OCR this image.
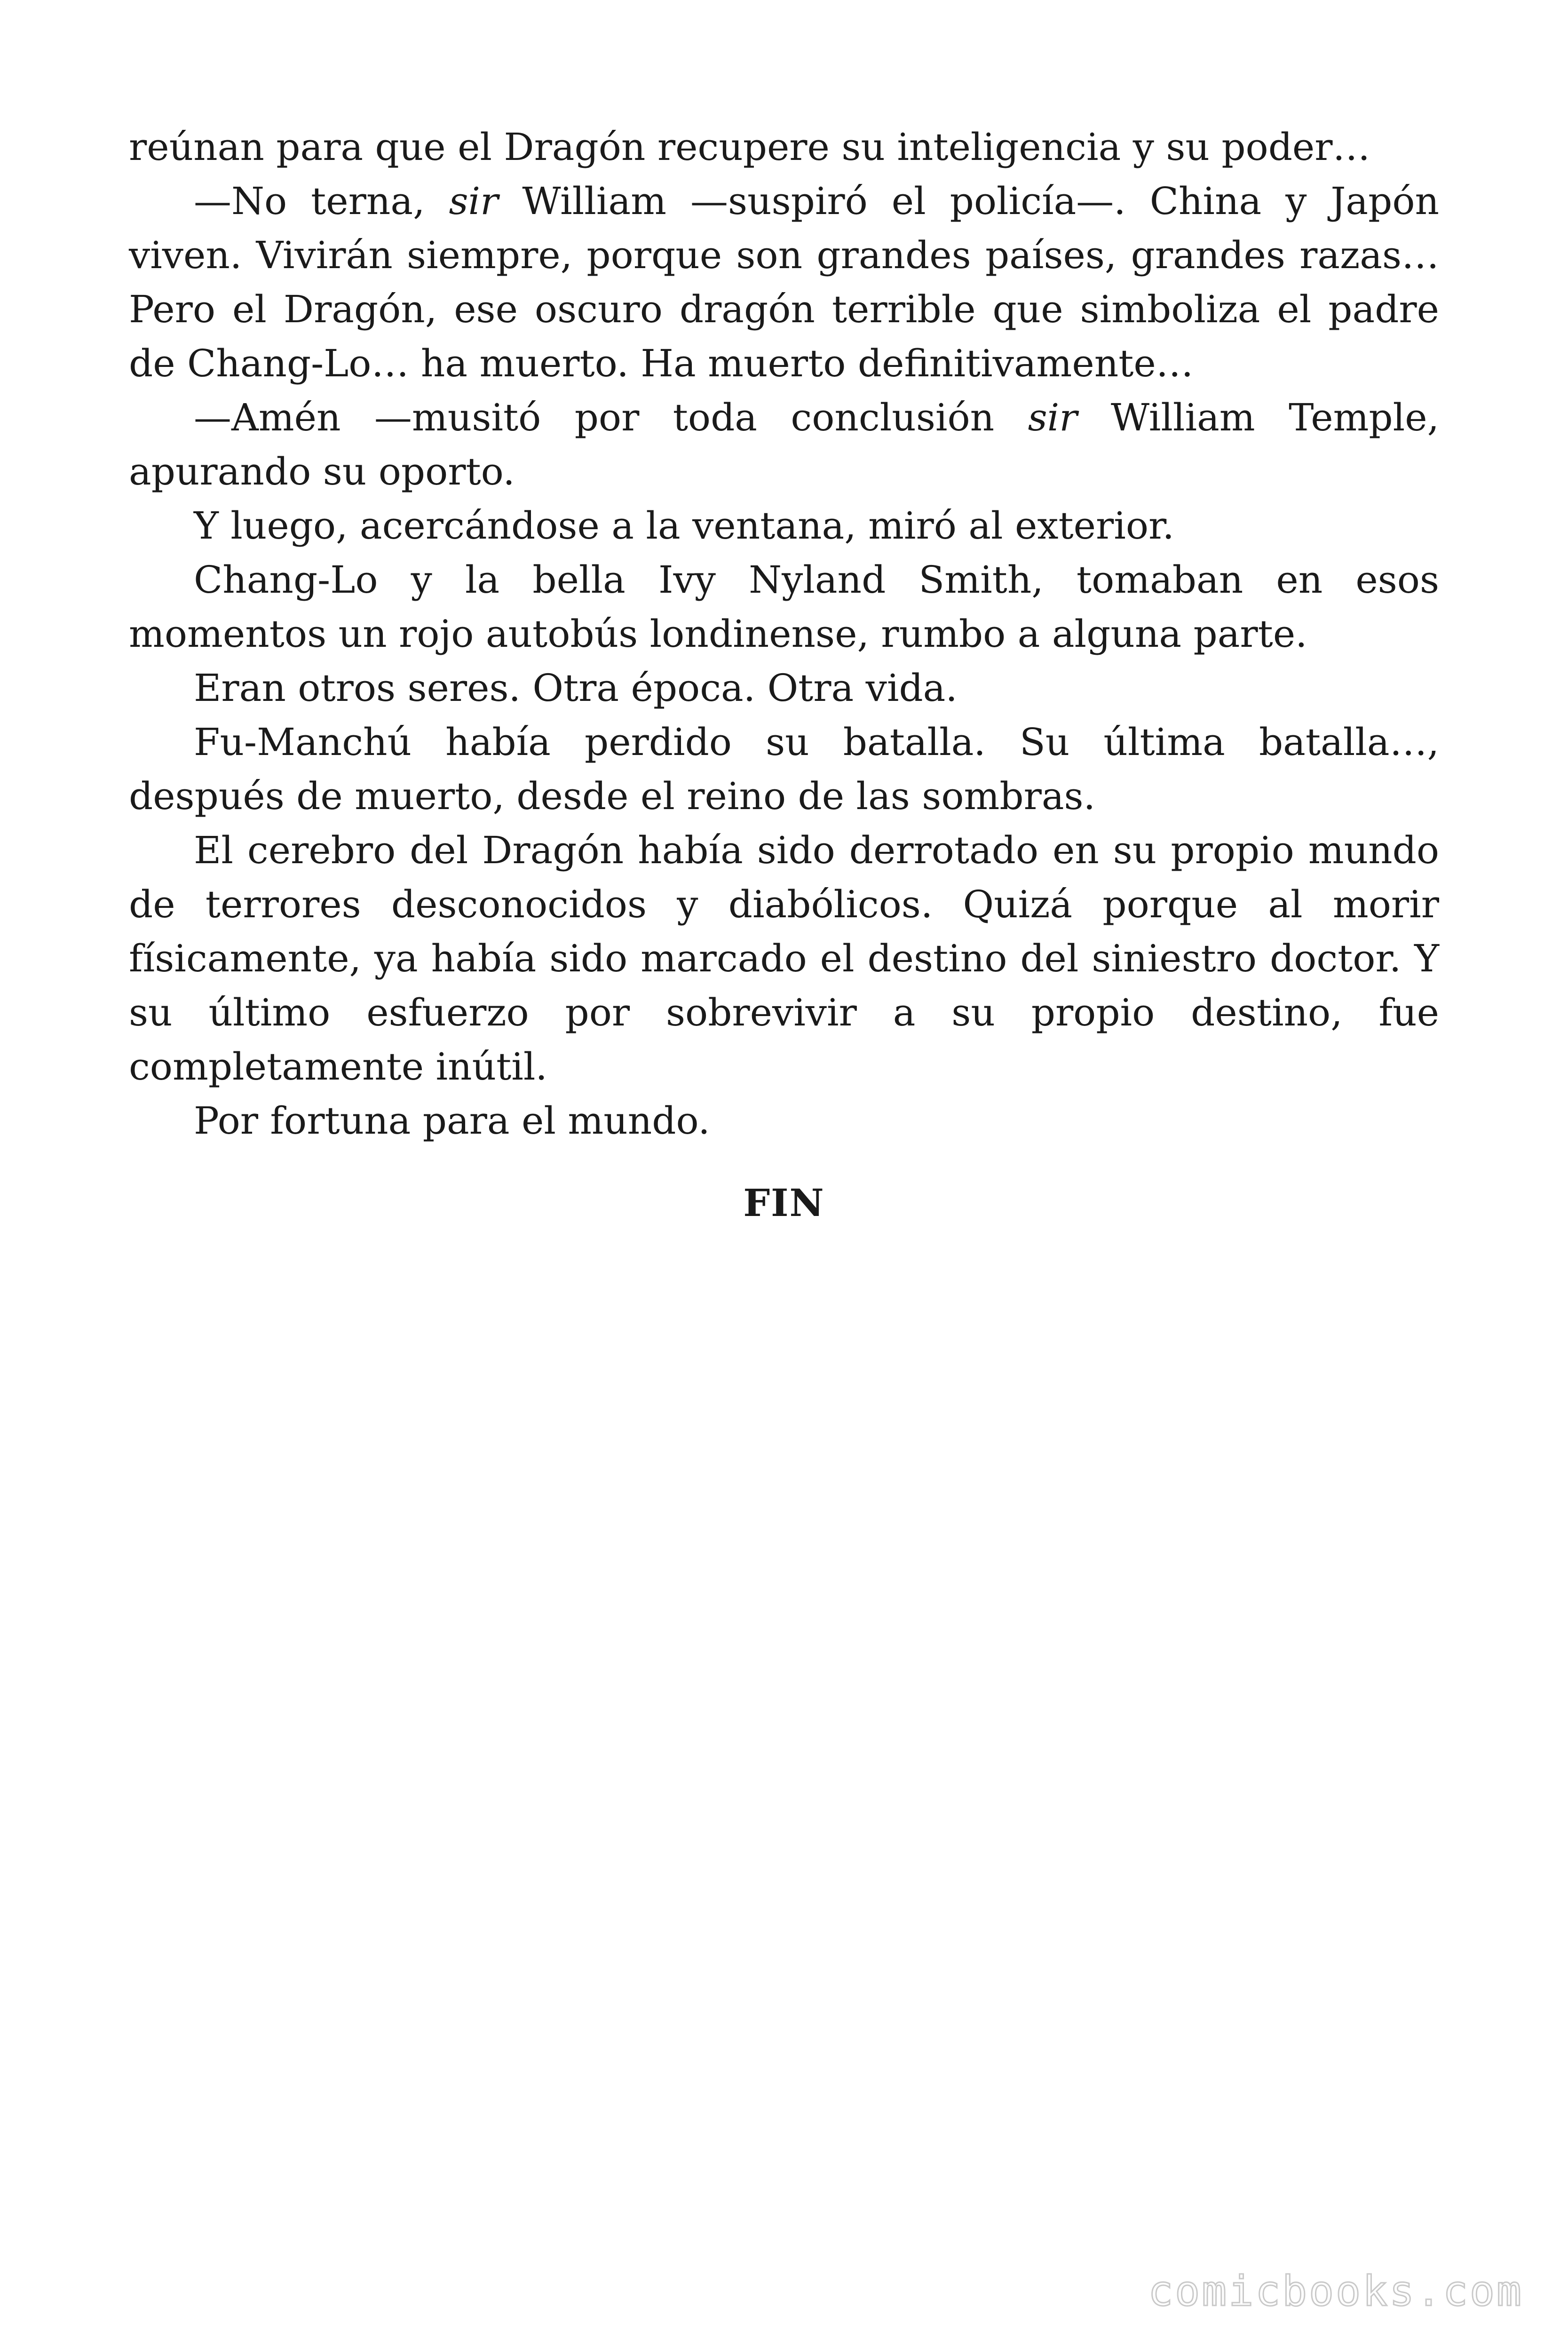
reúnan para que el Dragón recupere su inteligencia y su poder…

—No terna, sir William —suspiró el policía—. China y Japón viven. Vivirán siempre, porque son grandes países, grandes razas… Pero el Dragón, ese oscuro dragón terrible que simboliza el padre de Chang-Lo… ha muerto. Ha muerto definitivamente…

—Amén —musitó por toda conclusión sir William Temple, apurando su oporto.

Y luego, acercándose a la ventana, miró al exterior.

Chang-Lo y la bella Ivy Nyland Smith, tomaban en esos momentos un rojo autobús londinense, rumbo a alguna parte.

Eran otros seres. Otra época. Otra vida.

Fu-Manchú había perdido su batalla. Su última batalla…, después de muerto, desde el reino de las sombras.

El cerebro del Dragón había sido derrotado en su propio mundo de terrores desconocidos y diabólicos. Quizá porque al morir físicamente, ya había sido marcado el destino del siniestro doctor. Y su último esfuerzo por sobrevivir a su propio destino, fue completamente inútil.

Por fortuna para el mundo.

FIN

comicbooks.com
